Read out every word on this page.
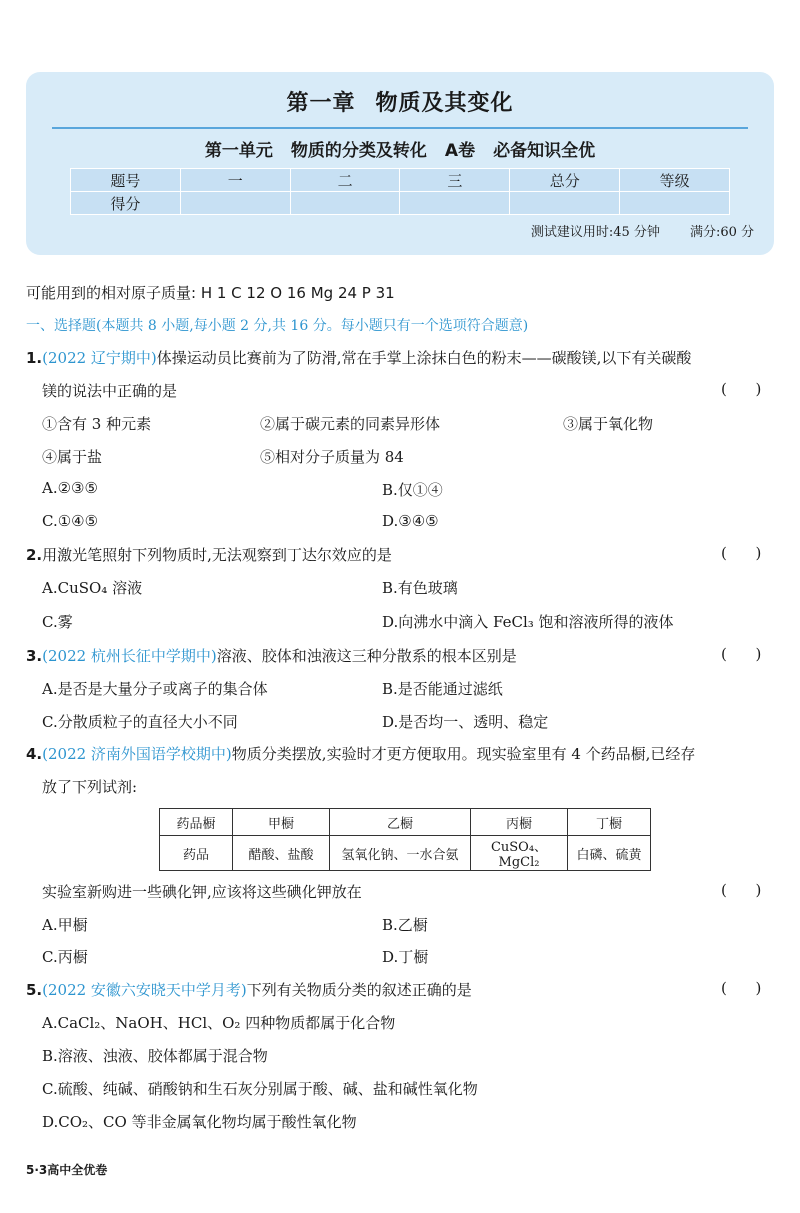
第一章 物质及其变化
第一单元 物质的分类及转化 A卷 必备知识全优
题号	一	二	三	总分	等级
得分					
测试建议用时:45 分钟 满分:60 分
可能用到的相对原子质量: H 1 C 12 O 16 Mg 24 P 31
一、选择题(本题共 8 小题,每小题 2 分,共 16 分。每小题只有一个选项符合题意)
1.(2022 辽宁期中)体操运动员比赛前为了防滑,常在手掌上涂抹白色的粉末——碳酸镁,以下有关碳酸
镁的说法中正确的是	(      )
①含有 3 种元素	②属于碳元素的同素异形体	③属于氧化物
④属于盐	⑤相对分子质量为 84
A.②③⑤	B.仅①④
C.①④⑤	D.③④⑤
2.用激光笔照射下列物质时,无法观察到丁达尔效应的是	(      )
A.CuSO₄ 溶液	B.有色玻璃
C.雾	D.向沸水中滴入 FeCl₃ 饱和溶液所得的液体
3.(2022 杭州长征中学期中)溶液、胶体和浊液这三种分散系的根本区别是	(      )
A.是否是大量分子或离子的集合体	B.是否能通过滤纸
C.分散质粒子的直径大小不同	D.是否均一、透明、稳定
4.(2022 济南外国语学校期中)物质分类摆放,实验时才更方便取用。现实验室里有 4 个药品橱,已经存
放了下列试剂:
药品橱	甲橱	乙橱	丙橱	丁橱
药品	醋酸、盐酸	氢氧化钠、一水合氨	CuSO₄、MgCl₂	白磷、硫黄
实验室新购进一些碘化钾,应该将这些碘化钾放在	(      )
A.甲橱	B.乙橱
C.丙橱	D.丁橱
5.(2022 安徽六安晓天中学月考)下列有关物质分类的叙述正确的是	(      )
A.CaCl₂、NaOH、HCl、O₂ 四种物质都属于化合物
B.溶液、浊液、胶体都属于混合物
C.硫酸、纯碱、硝酸钠和生石灰分别属于酸、碱、盐和碱性氧化物
D.CO₂、CO 等非金属氧化物均属于酸性氧化物
5·3高中全优卷
